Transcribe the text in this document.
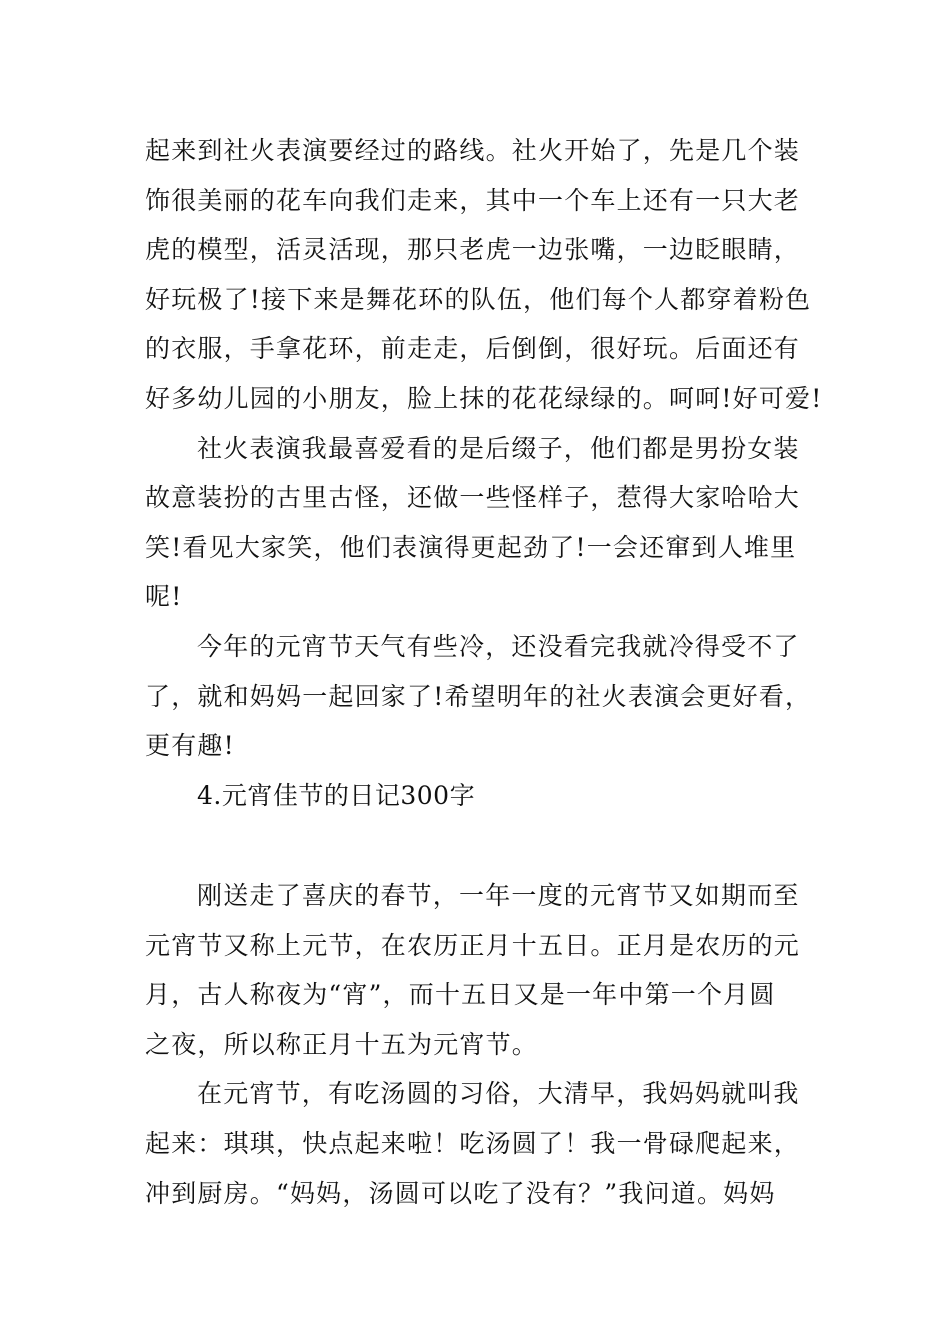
起来到社火表演要经过的路线。社火开始了，先是几个装
饰很美丽的花车向我们走来，其中一个车上还有一只大老
虎的模型，活灵活现，那只老虎一边张嘴，一边眨眼睛，
好玩极了!接下来是舞花环的队伍，他们每个人都穿着粉色
的衣服，手拿花环，前走走，后倒倒，很好玩。后面还有
好多幼儿园的小朋友，脸上抹的花花绿绿的。呵呵!好可爱!
社火表演我最喜爱看的是后缀子，他们都是男扮女装
故意装扮的古里古怪，还做一些怪样子，惹得大家哈哈大
笑!看见大家笑，他们表演得更起劲了!一会还窜到人堆里
呢!
今年的元宵节天气有些冷，还没看完我就冷得受不了
了，就和妈妈一起回家了!希望明年的社火表演会更好看，
更有趣!
4.元宵佳节的日记300字
刚送走了喜庆的春节，一年一度的元宵节又如期而至
元宵节又称上元节，在农历正月十五日。正月是农历的元
月，古人称夜为“宵”，而十五日又是一年中第一个月圆
之夜，所以称正月十五为元宵节。
在元宵节，有吃汤圆的习俗，大清早，我妈妈就叫我
起来：琪琪，快点起来啦！吃汤圆了！我一骨碌爬起来，
冲到厨房。“妈妈，汤圆可以吃了没有？”我问道。妈妈
